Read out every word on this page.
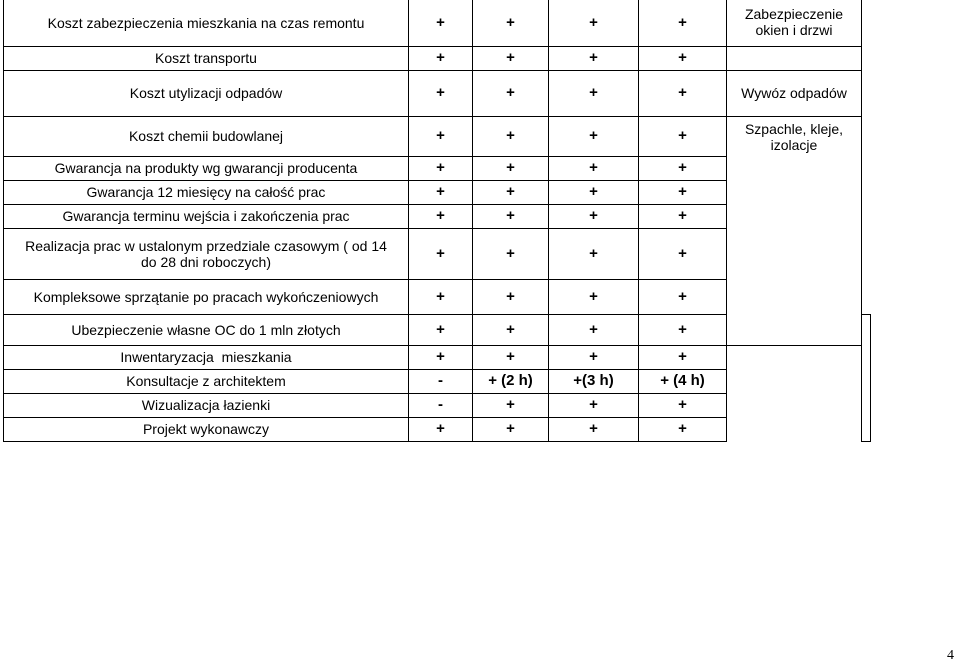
Koszt zabezpieczenia mieszkania na czas remontu	+	+	+	+	Zabezpieczenie okien i drzwi	
Koszt transportu	+	+	+	+		
Koszt utylizacji odpadów	+	+	+	+	Wywóz odpadów	
Koszt chemii budowlanej	+	+	+	+	Szpachle, kleje, izolacje	
Gwarancja na produkty wg gwarancji producenta	+	+	+	+		
Gwarancja 12 miesięcy na całość prac	+	+	+	+		
Gwarancja terminu wejścia i zakończenia prac	+	+	+	+		
Realizacja prac w ustalonym przedziale czasowym ( od 14 do 28 dni roboczych)	+	+	+	+		
Kompleksowe sprzątanie po pracach wykończeniowych	+	+	+	+		
Ubezpieczenie własne OC do 1 mln złotych	+	+	+	+		
Inwentaryzacja  mieszkania	+	+	+	+		
Konsultacje z architektem	-	+ (2 h)	+(3 h)	+ (4 h)		
Wizualizacja łazienki	-	+	+	+		
Projekt wykonawczy	+	+	+	+		
4
